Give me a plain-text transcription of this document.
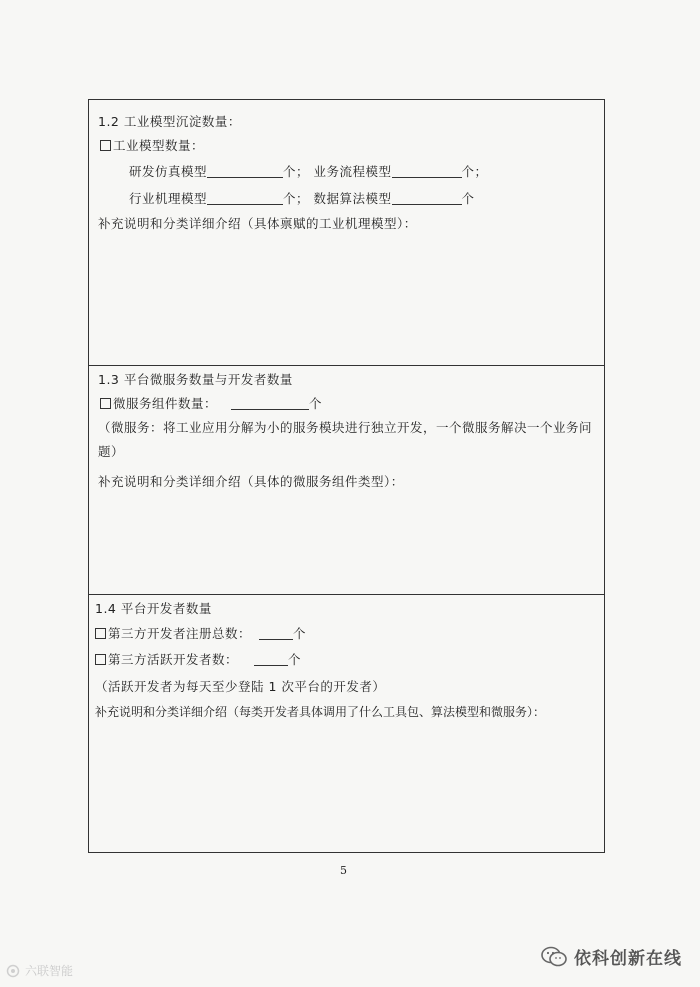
1.2 工业模型沉淀数量：
工业模型数量：
研发仿真模型	个； 业务流程模型	个；
行业机理模型	个； 数据算法模型	个
补充说明和分类详细介绍（具体禀赋的工业机理模型）：
1.3 平台微服务数量与开发者数量
微服务组件数量：	个
（微服务：将工业应用分解为小的服务模块进行独立开发，一个微服务解决一个业务问题）
补充说明和分类详细介绍（具体的微服务组件类型）：
1.4 平台开发者数量
第三方开发者注册总数：	个
第三方活跃开发者数：	个
（活跃开发者为每天至少登陆 1 次平台的开发者）
补充说明和分类详细介绍（每类开发者具体调用了什么工具包、算法模型和微服务）：
5
六联智能
依科创新在线
